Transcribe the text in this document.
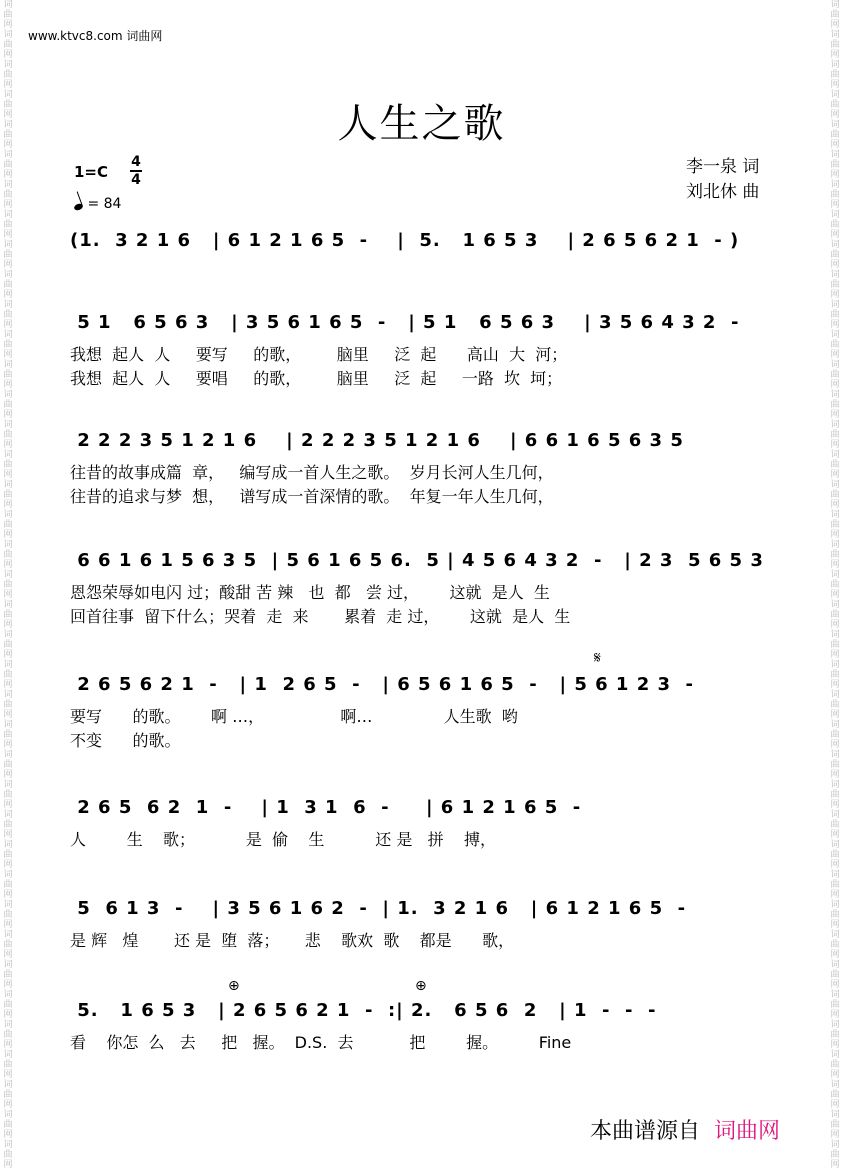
词曲网词曲网词曲网词曲网词曲网词曲网词曲网词曲网词曲网词曲网词曲网词曲网词曲网词曲网词曲网词曲网词曲网词曲网词曲网词曲网词曲网词曲网词曲网词曲网词曲网词曲网词曲网词曲网词曲网词曲网词曲网词曲网词曲网词曲网词曲网词曲网词曲网词曲网词曲网
词曲网词曲网词曲网词曲网词曲网词曲网词曲网词曲网词曲网词曲网词曲网词曲网词曲网词曲网词曲网词曲网词曲网词曲网词曲网词曲网词曲网词曲网词曲网词曲网词曲网词曲网词曲网词曲网词曲网词曲网词曲网词曲网词曲网词曲网词曲网词曲网词曲网词曲网词曲网
www.ktvc8.com 词曲网
人生之歌
1=C
4
4
= 84
李一泉 词
刘北休 曲
(1.  3 2 1 6   | 6 1 2 1 6 5  -    |  5.   1 6 5 3    | 2 6 5 6 2 1  - )
5 1   6 5 6 3   | 3 5 6 1 6 5  -   | 5 1   6 5 6 3    | 3 5 6 4 3 2  -
我想  起人  人     要写     的歌，       脑里     泛  起      高山  大  河；
我想  起人  人     要唱     的歌，       脑里     泛  起     一路  坎  坷；
2 2 2 3 5 1 2 1 6    | 2 2 2 3 5 1 2 1 6    | 6 6 1 6 5 6 3 5
往昔的故事成篇  章，   编写成一首人生之歌。  岁月长河人生几何，
往昔的追求与梦  想，   谱写成一首深情的歌。  年复一年人生几何，
6 6 1 6 1 5 6 3 5  | 5 6 1 6 5 6.  5 | 4 5 6 4 3 2  -   | 2 3  5 6 5 3
恩怨荣辱如电闪 过；酸甜 苦 辣   也  都   尝 过，      这就  是人  生
回首往事  留下什么；哭着  走  来       累着  走 过，      这就  是人  生
2 6 5 6 2 1  -   | 1  2 6 5  -   | 6 5 6 1 6 5  -   | 5 6 1 2 3  -
𝄋
要写      的歌。      啊 …，               啊…              人生歌  哟
不变      的歌。
2 6 5  6 2  1  -    | 1  3 1  6  -     | 6 1 2 1 6 5  -
人        生    歌；          是  偷    生          还 是   拼    搏，
5  6 1 3  -    | 3 5 6 1 6 2  -  | 1.  3 2 1 6   | 6 1 2 1 6 5  -
是 辉   煌       还 是  堕  落；     悲    歌欢  歌    都是      歌，
⊕	⊕
5.   1 6 5 3   | 2 6 5 6 2 1  -  :| 2.   6 5 6  2   | 1  -  -  -
看    你怎  么   去     把   握。  D.S.  去           把        握。        Fine
本曲谱源自 词曲网
